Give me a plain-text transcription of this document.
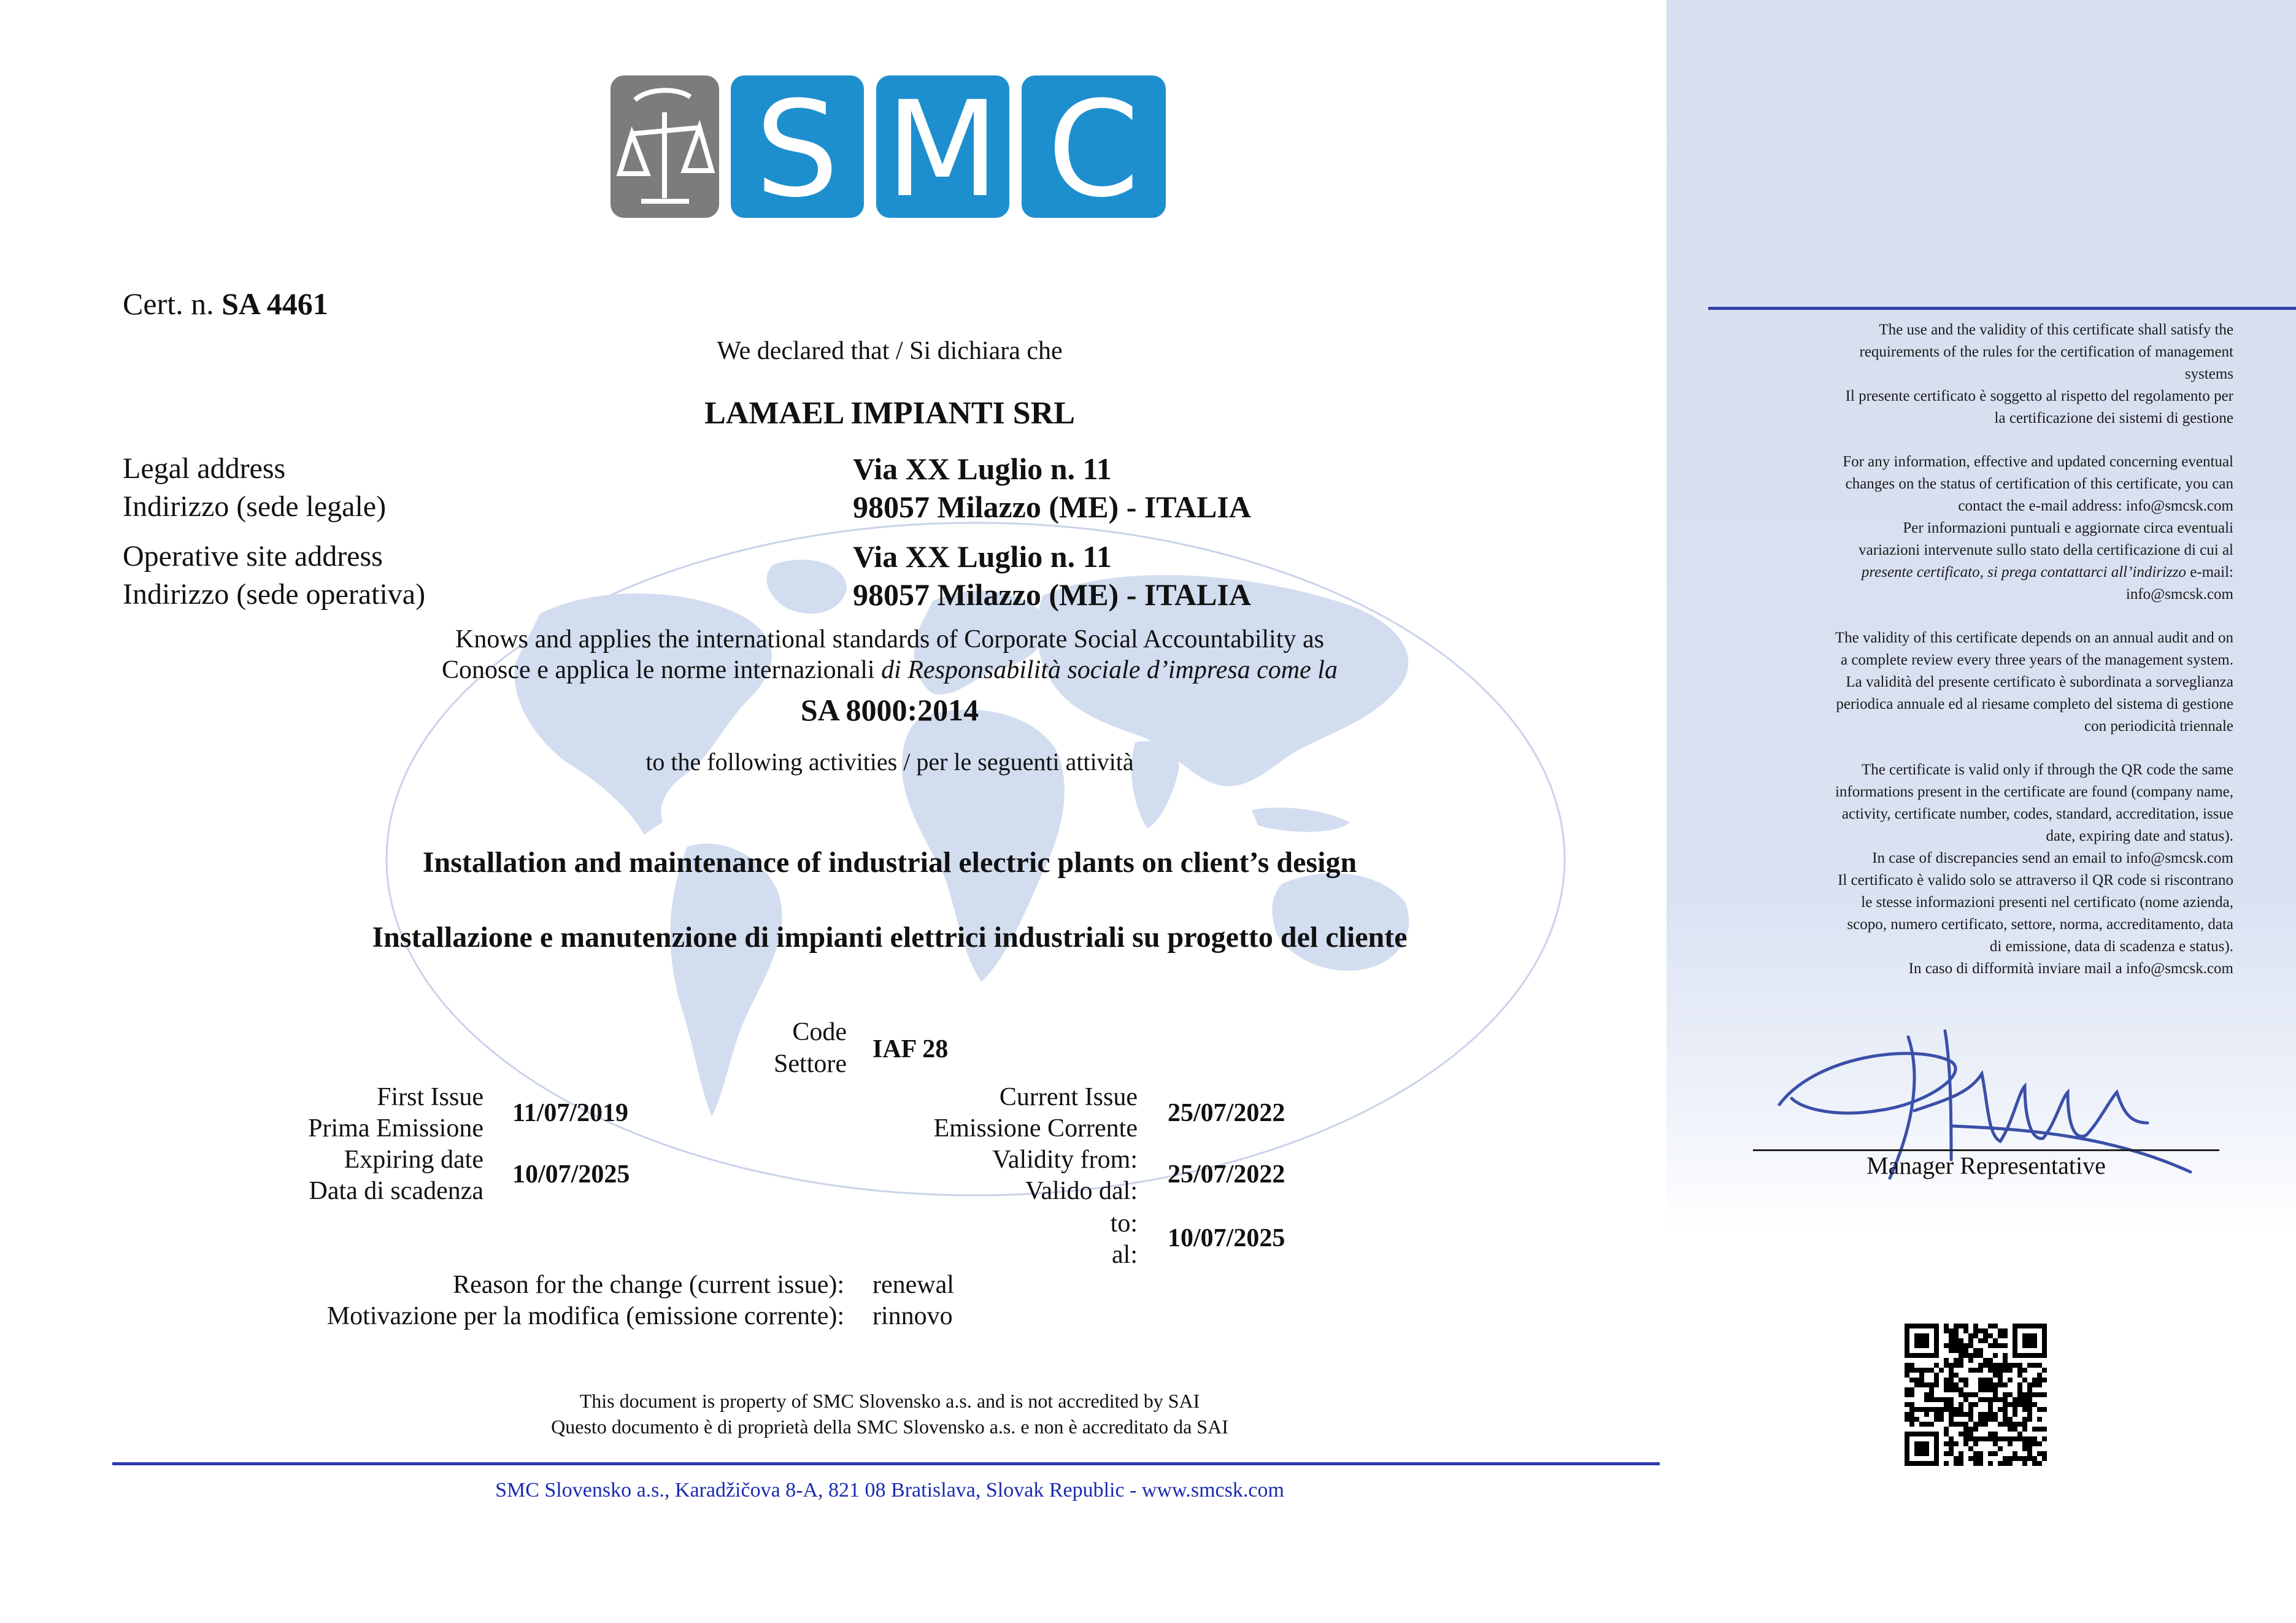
S M C
Cert. n. SA 4461
We declared that / Si dichiara che
LAMAEL IMPIANTI SRL
Legal address
Indirizzo (sede legale)
Via XX Luglio n. 11
98057 Milazzo (ME) - ITALIA
Operative site address
Indirizzo (sede operativa)
Via XX Luglio n. 11
98057 Milazzo (ME) - ITALIA
Knows and applies the international standards of Corporate Social Accountability as
Conosce e applica le norme internazionali di Responsabilità sociale d’impresa come la
SA 8000:2014
to the following activities / per le seguenti attività
Installation and maintenance of industrial electric plants on client’s design
Installazione e manutenzione di impianti elettrici industriali su progetto del cliente
Code
Settore
IAF 28
First Issue
Prima Emissione
11/07/2019
Expiring date
Data di scadenza
10/07/2025
Current Issue
Emissione Corrente
25/07/2022
Validity from:
Valido dal:
25/07/2022
to:
al:
10/07/2025
Reason for the change (current issue):
Motivazione per la modifica (emissione corrente):
renewal
rinnovo
This document is property of SMC Slovensko a.s. and is not accredited by SAI
Questo documento è di proprietà della SMC Slovensko a.s. e non è accreditato da SAI
SMC Slovensko a.s., Karadžičova 8-A, 821 08 Bratislava, Slovak Republic - www.smcsk.com

The use and the validity of this certificate shall satisfy the

requirements of the rules for the certification of management

systems

Il presente certificato è soggetto al rispetto del regolamento per

la certificazione dei sistemi di gestione

For any information, effective and updated concerning eventual

changes on the status of certification of this certificate, you can

contact the e-mail address: info@smcsk.com

Per informazioni puntuali e aggiornate circa eventuali

variazioni intervenute sullo stato della certificazione di cui al

presente certificato, si prega contattarci all’indirizzo e-mail:

info@smcsk.com

The validity of this certificate depends on an annual audit and on

a complete review every three years of the management system.

La validità del presente certificato è subordinata a sorveglianza

periodica annuale ed al riesame completo del sistema di gestione

con periodicità triennale

The certificate is valid only if through the QR code the same

informations present in the certificate are found (company name,

activity, certificate number, codes, standard, accreditation, issue

date, expiring date and status).

In case of discrepancies send an email to info@smcsk.com

Il certificato è valido solo se attraverso il QR code si riscontrano

le stesse informazioni presenti nel certificato (nome azienda,

scopo, numero certificato, settore, norma, accreditamento, data

di emissione, data di scadenza e status).

In caso di difformità inviare mail a info@smcsk.com

Manager Representative
